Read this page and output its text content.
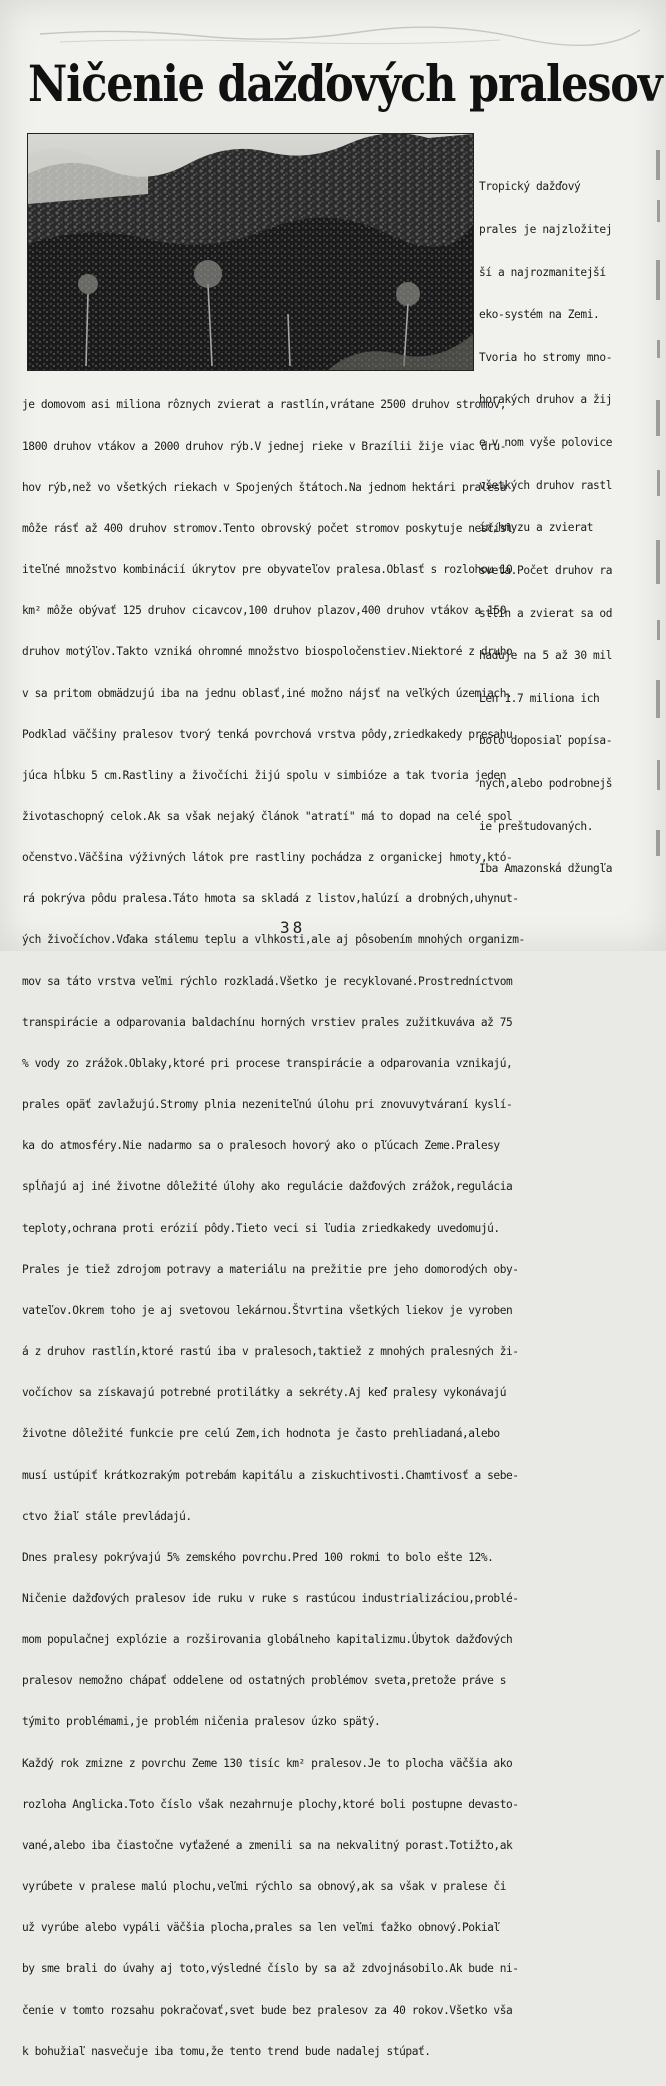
Ničenie dažďových pralesov

Tropický dažďový

prales je najzložitej

ší a najrozmanitejší

eko-systém na Zemi.

Tvoria ho stromy mno-

horakých druhov a žij

e v nom vyše polovice

všetkých druhov rastl

ín,hmyzu a zvierat

sveta.Počet druhov ra

stlín a zvierat sa od

hadujе na 5 až 30 mil

Len 1.7 miliona ich

bolo doposiaľ popísa-

ných,alebo podrobnejš

ie preštudovaných.

Iba Amazonská džungľa

je domovom asi miliona rôznych zvierat a rastlín,vrátane 2500 druhov stromov,

1800 druhov vtákov a 2000 druhov rýb.V jednej rieke v Brazílii žije viac dru-

hov rýb,než vo všetkých riekach v Spojených štátoch.Na jednom hektári pralesa

môže rásť až 400 druhov stromov.Tento obrovský počet stromov poskytuje nesčísl

iteľné množstvo kombinácií úkrytov pre obyvateľov pralesa.Oblasť s rozlohou 10

km² môže obývať 125 druhov cicavcov,100 druhov plazov,400 druhov vtákov a 150

druhov motýľov.Takto vzniká ohromné množstvo biospoločenstiev.Niektoré z druho

v sa pritom obmädzujú iba na jednu oblasť,iné možno nájsť na veľkých územiach.

Podklad väčšiny pralesov tvorý tenká povrchová vrstva pôdy,zriedkakedy presahu

júca hĺbku 5 cm.Rastliny a živočíchi žijú spolu v simbióze a tak tvoria jeden

životaschopný celok.Ak sa však nejaký článok "atratí" má to dopad na celé spol

očenstvo.Väčšina výživných látok pre rastliny pochádza z organickej hmoty,któ-

rá pokrýva pôdu pralesa.Táto hmota sa skladá z listov,halúzí a drobných,uhynut-

ých živočíchov.Vďaka stálemu teplu a vlhkosti,ale aj pôsobením mnohých organizm-

mov sa táto vrstva veľmi rýchlo rozkladá.Všetko je recyklované.Prostredníctvom

transpirácie a odparovania baldachínu horných vrstiev prales zužitkuváva až 75

% vody zo zrážok.Oblaky,ktoré pri procese transpirácie a odparovania vznikajú,

prales opäť zavlažujú.Stromy plnia nezeniteľnú úlohu pri znovuvytváraní kyslí-

ka do atmosféry.Nie nadarmo sa o pralesoch hovorý ako o pľúcach Zeme.Pralesy

spĺňajú aj iné životne dôležité úlohy ako regulácie dažďových zrážok,regulácia

teploty,ochrana proti erózií pôdy.Tieto veci si ľudia zriedkakedy uvedomujú.

Prales je tiež zdrojom potravy a materiálu na prežitie pre jeho domorodých oby-

vateľov.Okrem toho je aj svetovou lekárnou.Štvrtina všetkých liekov je vyroben

á z druhov rastlín,ktoré rastú iba v pralesoch,taktiež z mnohých pralesných ži-

vočíchov sa získavajú potrebné protilátky a sekréty.Aj keď pralesy vykonávajú

životne dôležité funkcie pre celú Zem,ich hodnota je často prehliadaná,alebo

musí ustúpiť krátkozrakým potrebám kapitálu a ziskuchtivosti.Chamtivosť a sebe-

ctvo žiaľ stále prevládajú.

Dnes pralesy pokrývajú 5% zemského povrchu.Pred 100 rokmi to bolo ešte 12%.

Ničenie dažďových pralesov ide ruku v ruke s rastúcou industrializáciou,problé-

mom populačnej explózie a rozširovania globálneho kapitalizmu.Úbytok dažďových

pralesov nemožno chápať oddelene od ostatných problémov sveta,pretože práve s

týmito problémami,je problém ničenia pralesov úzko spätý.

Každý rok zmizne z povrchu Zeme 130 tisíc km² pralesov.Je to plocha väčšia ako

rozloha Anglicka.Toto číslo však nezahrnuje plochy,ktoré boli postupne devasto-

vané,alebo iba čiastočne vyťažené a zmenili sa na nekvalitný porast.Totižto,ak

vyrúbete v pralese malú plochu,veľmi rýchlo sa obnový,ak sa však v pralese či

už vyrúbe alebo vypáli väčšia plocha,prales sa len veľmi ťažko obnový.Pokiaľ

by sme brali do úvahy aj toto,výsledné číslo by sa až zdvojnásobilo.Ak bude ni-

čenie v tomto rozsahu pokračovať,svet bude bez pralesov za 40 rokov.Všetko vša

k bohužiaľ nasvečuje iba tomu,že tento trend bude nadalej stúpať.

38
